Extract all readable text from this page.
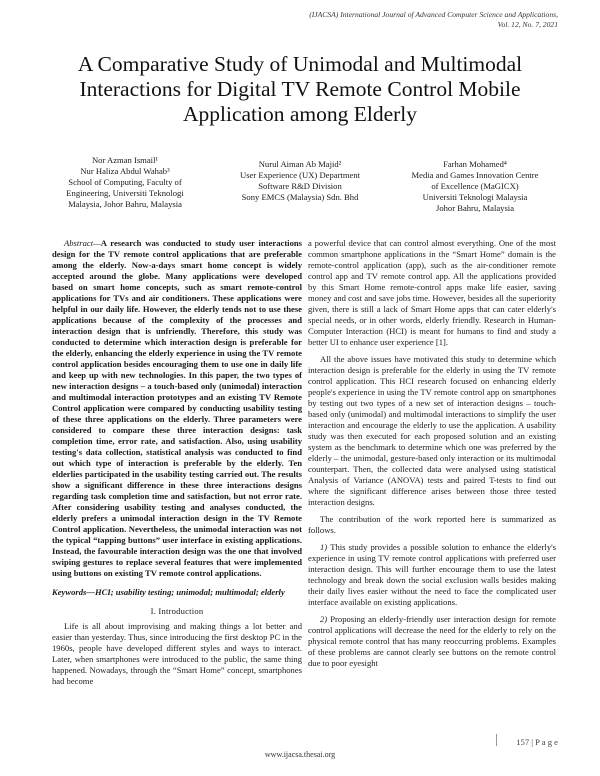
(IJACSA) International Journal of Advanced Computer Science and Applications,
Vol. 12, No. 7, 2021
A Comparative Study of Unimodal and Multimodal
Interactions for Digital TV Remote Control Mobile
Application among Elderly
Nor Azman Ismail¹
Nur Haliza Abdul Wahab³
School of Computing, Faculty of
Engineering, Universiti Teknologi
Malaysia, Johor Bahru, Malaysia
Nurul Aiman Ab Majid²
User Experience (UX) Department
Software R&D Division
Sony EMCS (Malaysia) Sdn. Bhd
Farhan Mohamed⁴
Media and Games Innovation Centre
of Excellence (MaGICX)
Universiti Teknologi Malaysia
Johor Bahru, Malaysia

Abstract—A research was conducted to study user interactions design for the TV remote control applications that are preferable among the elderly. Now-a-days smart home concept is widely accepted around the globe. Many applications were developed based on smart home concepts, such as smart remote-control applications for TVs and air conditioners. These applications were helpful in our daily life. However, the elderly tends not to use these applications because of the complexity of the processes and interaction design that is unfriendly. Therefore, this study was conducted to determine which interaction design is preferable for the elderly, enhancing the elderly experience in using the TV remote control application besides encouraging them to use one in daily life and keep up with new technologies. In this paper, the two types of new interaction designs – a touch-based only (unimodal) interaction and multimodal interaction prototypes and an existing TV Remote Control application were compared by conducting usability testing of these three applications on the elderly. Three parameters were considered to compare these three interaction designs: task completion time, error rate, and satisfaction. Also, using usability testing's data collection, statistical analysis was conducted to find out which type of interaction is preferable by the elderly. Ten elderlies participated in the usability testing carried out. The results show a significant difference in these three interactions designs regarding task completion time and satisfaction, but not error rate. After considering usability testing and analyses conducted, the elderly prefers a unimodal interaction design in the TV Remote Control application. Nevertheless, the unimodal interaction was not the typical “tapping buttons” user interface in existing applications. Instead, the favourable interaction design was the one that involved swiping gestures to replace several features that were implemented using buttons on existing TV remote control applications.

Keywords—HCI; usability testing; unimodal; multimodal; elderly

I. Introduction

Life is all about improvising and making things a lot better and easier than yesterday. Thus, since introducing the first desktop PC in the 1960s, people have developed different styles and ways to interact. Later, when smartphones were introduced to the public, the same thing happened. Nowadays, through the “Smart Home” concept, smartphones had become

a powerful device that can control almost everything. One of the most common smartphone applications in the “Smart Home” domain is the remote-control application (app), such as the air-conditioner remote control app and TV remote control app. All the applications provided by this Smart Home remote-control apps make life easier, saving money and cost and save jobs time. However, besides all the superiority given, there is still a lack of Smart Home apps that can cater elderly's special needs, or in other words, elderly friendly. Research in Human-Computer Interaction (HCI) is meant for humans to find and study a better UI to enhance user experience [1].

All the above issues have motivated this study to determine which interaction design is preferable for the elderly in using the TV remote control application. This HCI research focused on enhancing elderly people's experience in using the TV remote control app on smartphones by testing out two types of a new set of interaction designs – touch-based only (unimodal) and multimodal interactions to simplify the user interaction and encourage the elderly to use the application. A usability study was then executed for each proposed solution and an existing system as the benchmark to determine which one was preferred by the elderly – the unimodal, gesture-based only interaction or its multimodal counterpart. Then, the collected data were analysed using statistical Analysis of Variance (ANOVA) tests and paired T-tests to find out where the significant difference arises between those three tested interaction designs.

The contribution of the work reported here is summarized as follows.

1) This study provides a possible solution to enhance the elderly's experience in using TV remote control applications with preferred user interaction design. This will further encourage them to use the latest technology and break down the social exclusion walls besides making their daily lives easier without the need to face the complicated user interface available on existing applications.

2) Proposing an elderly-friendly user interaction design for remote control applications will decrease the need for the elderly to rely on the physical remote control that has many reoccurring problems. Examples of these problems are cannot clearly see buttons on the remote control due to poor eyesight

157 | P a g e
www.ijacsa.thesai.org
